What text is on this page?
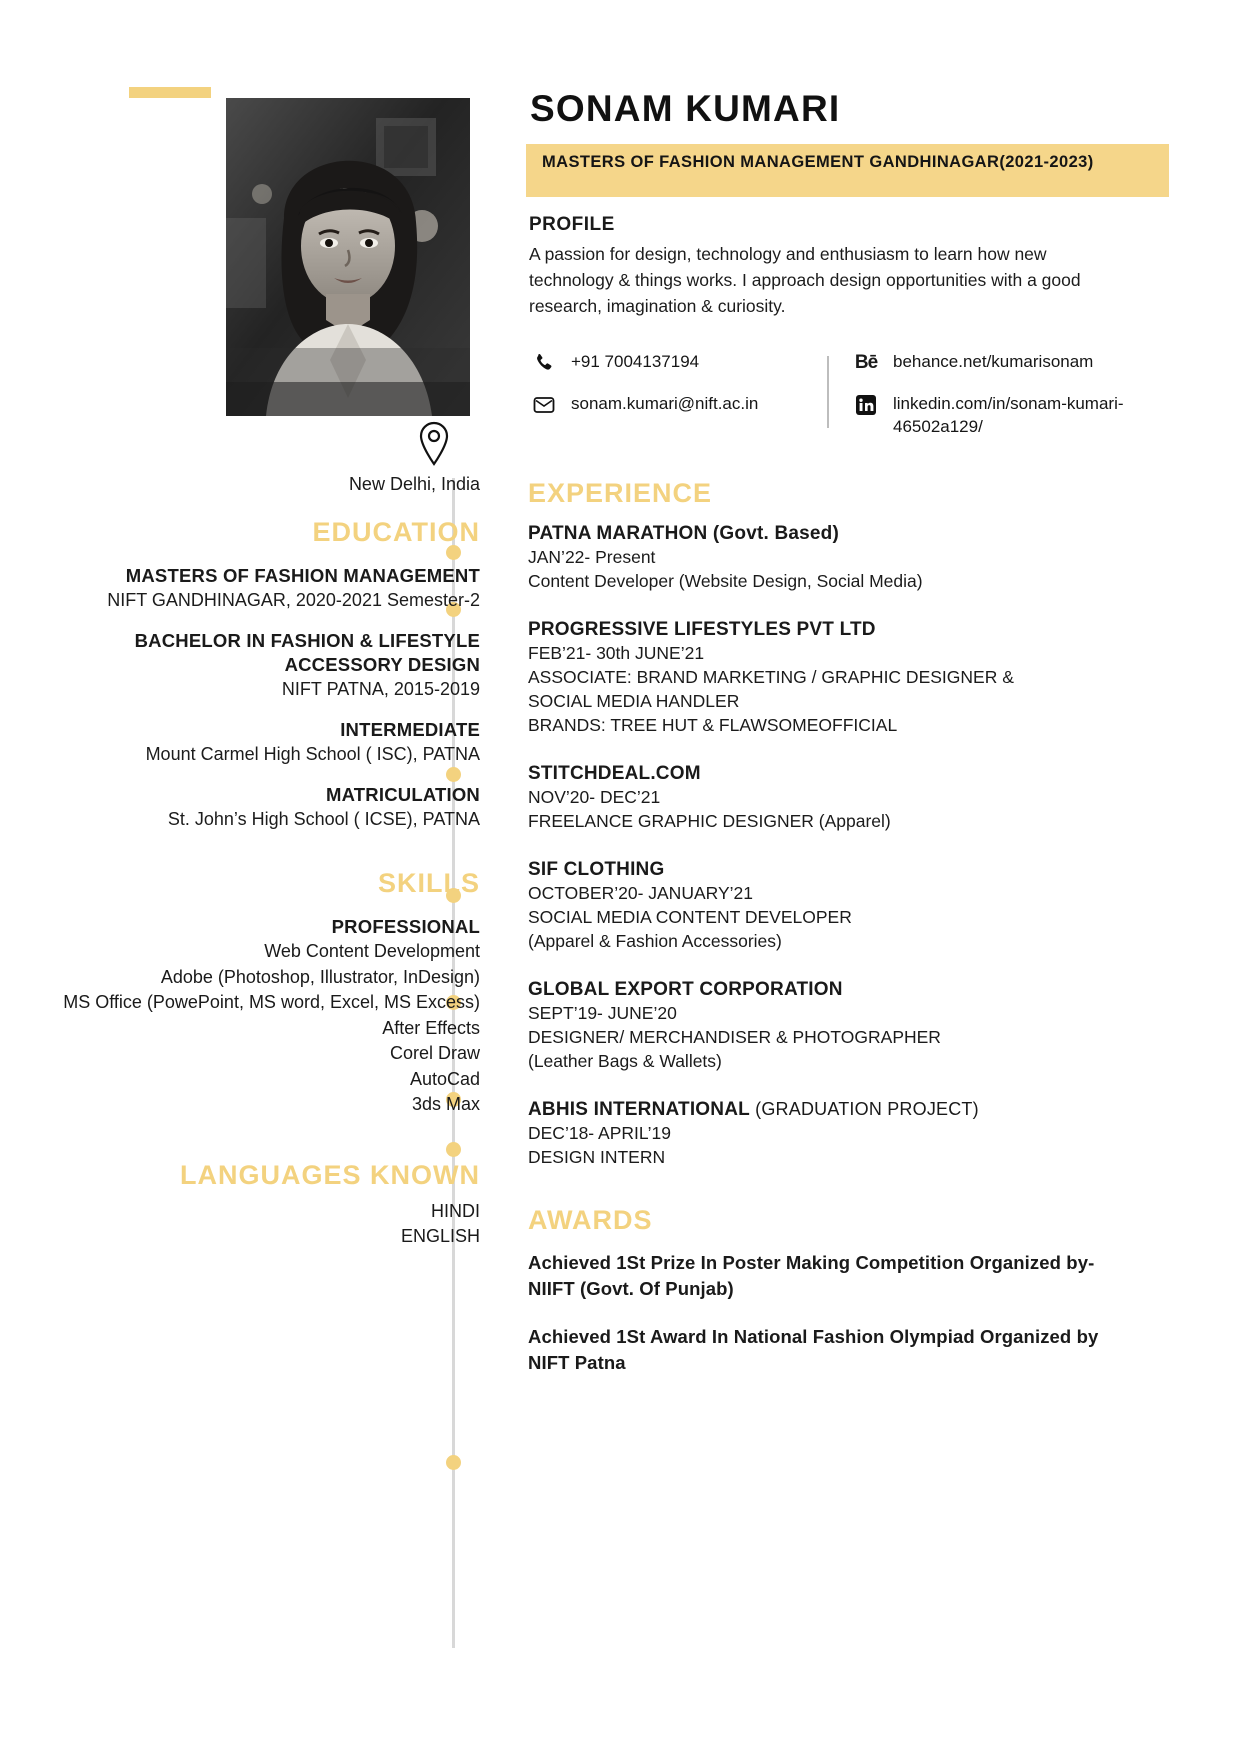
SONAM KUMARI
MASTERS OF FASHION MANAGEMENT GANDHINAGAR(2021-2023)
PROFILE
A passion for design, technology and enthusiasm to learn how new technology & things works. I approach design opportunities with a good research, imagination & curiosity.
+91 7004137194
sonam.kumari@nift.ac.in
Bē behance.net/kumarisonam
linkedin.com/in/sonam-kumari-46502a129/
New Delhi, India
EDUCATION
MASTERS OF FASHION MANAGEMENT
NIFT GANDHINAGAR, 2020-2021 Semester-2
BACHELOR IN FASHION & LIFESTYLE ACCESSORY DESIGN
NIFT PATNA, 2015-2019
INTERMEDIATE
Mount Carmel High School ( ISC), PATNA
MATRICULATION
St. John’s High School ( ICSE), PATNA
SKILLS
PROFESSIONAL
Web Content Development
Adobe (Photoshop, Illustrator, InDesign)
MS Office (PowePoint, MS word, Excel, MS Excess)
After Effects
Corel Draw
AutoCad
3ds Max
LANGUAGES KNOWN
HINDI
ENGLISH
EXPERIENCE
PATNA MARATHON (Govt. Based)
JAN’22- Present
Content Developer (Website Design, Social Media)
PROGRESSIVE LIFESTYLES PVT LTD
FEB’21- 30th JUNE’21
ASSOCIATE: BRAND MARKETING / GRAPHIC DESIGNER &
SOCIAL MEDIA HANDLER
BRANDS: TREE HUT & FLAWSOMEOFFICIAL
STITCHDEAL.COM
NOV’20- DEC’21
FREELANCE GRAPHIC DESIGNER (Apparel)
SIF CLOTHING
OCTOBER’20- JANUARY’21
SOCIAL MEDIA CONTENT DEVELOPER
(Apparel & Fashion Accessories)
GLOBAL EXPORT CORPORATION
SEPT’19- JUNE’20
DESIGNER/ MERCHANDISER & PHOTOGRAPHER
(Leather Bags & Wallets)
ABHIS INTERNATIONAL (GRADUATION PROJECT)
DEC’18- APRIL’19
DESIGN INTERN
AWARDS
Achieved 1St Prize In Poster Making Competition Organized by- NIIFT (Govt. Of Punjab)
Achieved 1St Award In National Fashion Olympiad Organized by NIFT Patna
